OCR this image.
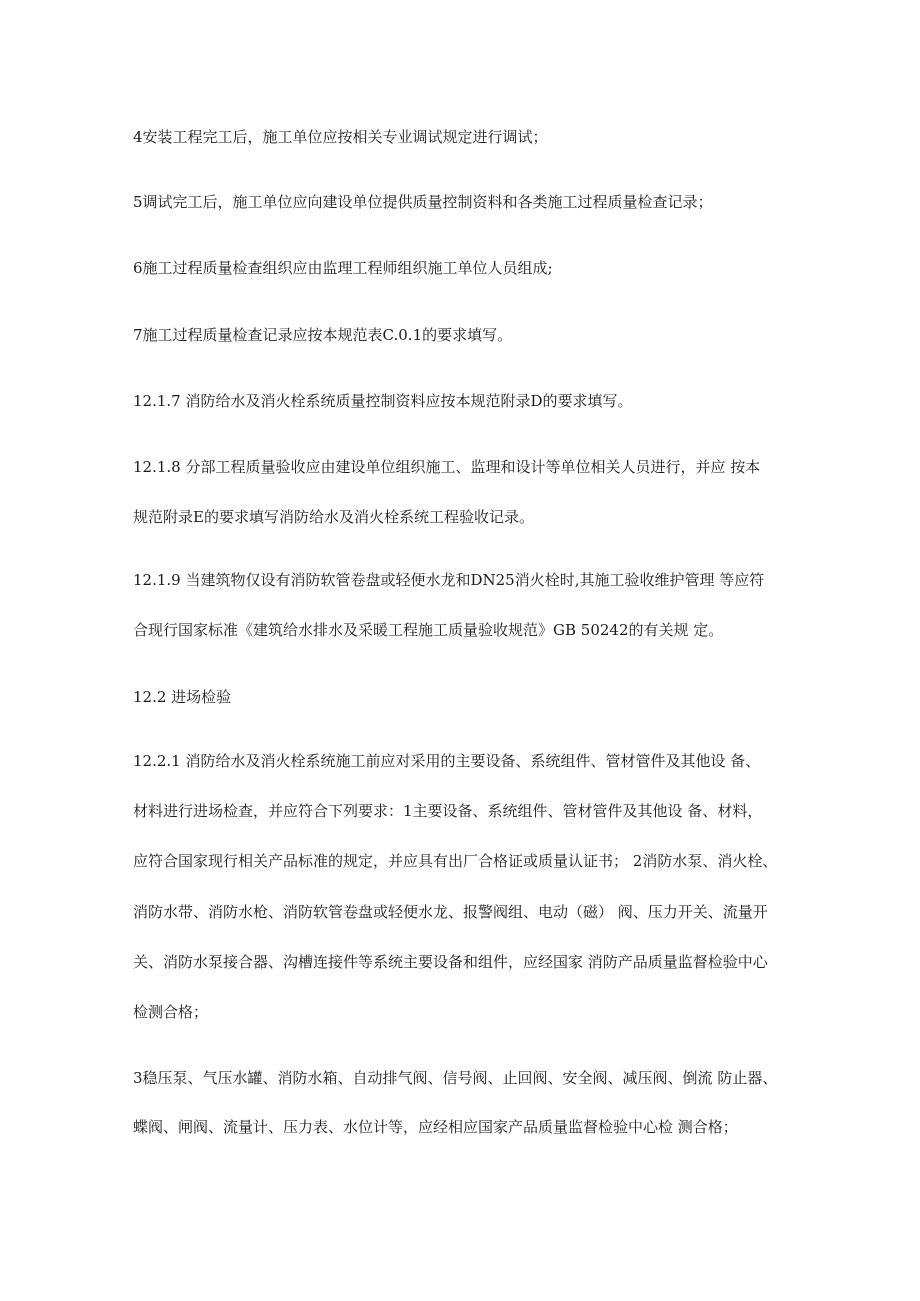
4安装工程完工后，施工单位应按相关专业调试规定进行调试；
5调试完工后，施工单位应向建设单位提供质量控制资料和各类施工过程质量检查记录；
6施工过程质量检查组织应由监理工程师组织施工单位人员组成;
7施工过程质量检查记录应按本规范表C.0.1的要求填写。
12.1.7 消防给水及消火栓系统质量控制资料应按本规范附录D的要求填写。
12.1.8 分部工程质量验收应由建设单位组织施工、监理和设计等单位相关人员进行，并应 按本
规范附录E的要求填写消防给水及消火栓系统工程验收记录。
12.1.9 当建筑物仅设有消防软管卷盘或轻便水龙和DN25消火栓时,其施工验收维护管理 等应符
合现行国家标准《建筑给水排水及采暖工程施工质量验收规范》GB 50242的有关规 定。
12.2 进场检验
12.2.1 消防给水及消火栓系统施工前应对采用的主要设备、系统组件、管材管件及其他设 备、
材料进行进场检查，并应符合下列要求：1主要设备、系统组件、管材管件及其他设 备、材料，
应符合国家现行相关产品标准的规定，并应具有出厂合格证或质量认证书； 2消防水泵、消火栓、
消防水带、消防水枪、消防软管卷盘或轻便水龙、报警阀组、电动（磁） 阀、压力开关、流量开
关、消防水泵接合器、沟槽连接件等系统主要设备和组件，应经国家 消防产品质量监督检验中心
检测合格；
3稳压泵、气压水罐、消防水箱、自动排气阀、信号阀、止回阀、安全阀、减压阀、倒流 防止器、
蝶阀、闸阀、流量计、压力表、水位计等，应经相应国家产品质量监督检验中心检 测合格；
